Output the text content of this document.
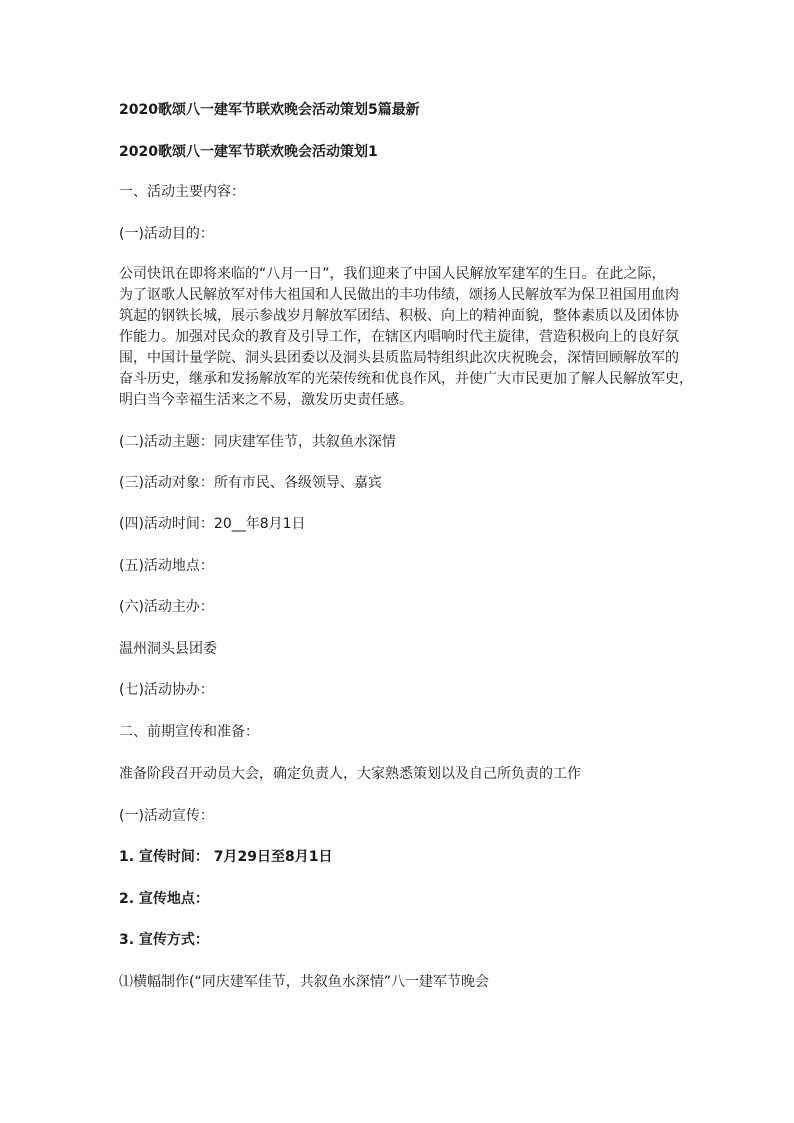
2020歌颂八一建军节联欢晚会活动策划5篇最新
2020歌颂八一建军节联欢晚会活动策划1
一、活动主要内容：
(一)活动目的：
公司快讯在即将来临的“八月一日”，我们迎来了中国人民解放军建军的生日。在此之际，
为了讴歌人民解放军对伟大祖国和人民做出的丰功伟绩，颂扬人民解放军为保卫祖国用血肉
筑起的钢铁长城，展示参战岁月解放军团结、积极、向上的精神面貌，整体素质以及团体协
作能力。加强对民众的教育及引导工作，在辖区内唱响时代主旋律，营造积极向上的良好氛
围，中国计量学院、洞头县团委以及洞头县质监局特组织此次庆祝晚会，深情回顾解放军的
奋斗历史，继承和发扬解放军的光荣传统和优良作风，并使广大市民更加了解人民解放军史，
明白当今幸福生活来之不易，激发历史责任感。
(二)活动主题：同庆建军佳节，共叙鱼水深情
(三)活动对象：所有市民、各级领导、嘉宾
(四)活动时间：20__年8月1日
(五)活动地点：
(六)活动主办：
温州洞头县团委
(七)活动协办：
二、前期宣传和准备：
准备阶段召开动员大会，确定负责人，大家熟悉策划以及自己所负责的工作
(一)活动宣传：
1. 宣传时间： 7月29日至8月1日
2. 宣传地点：
3. 宣传方式：
⑴横幅制作(“同庆建军佳节，共叙鱼水深情”八一建军节晚会
